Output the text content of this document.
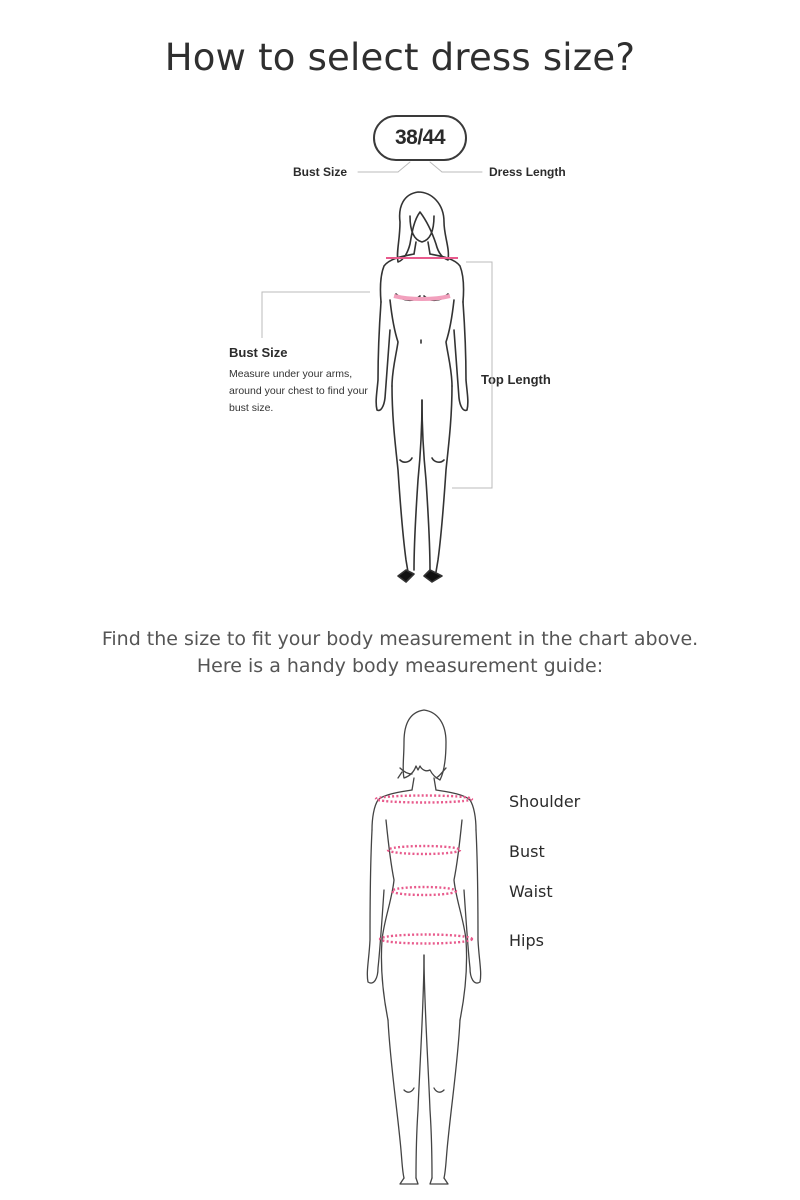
How to select dress size?
38/44
Bust Size	Dress Length
Bust Size
Measure under your arms, around your chest to find your bust size.
Top Length
Find the size to fit your body measurement in the chart above.
Here is a handy body measurement guide:
Shoulder
Bust
Waist
Hips
